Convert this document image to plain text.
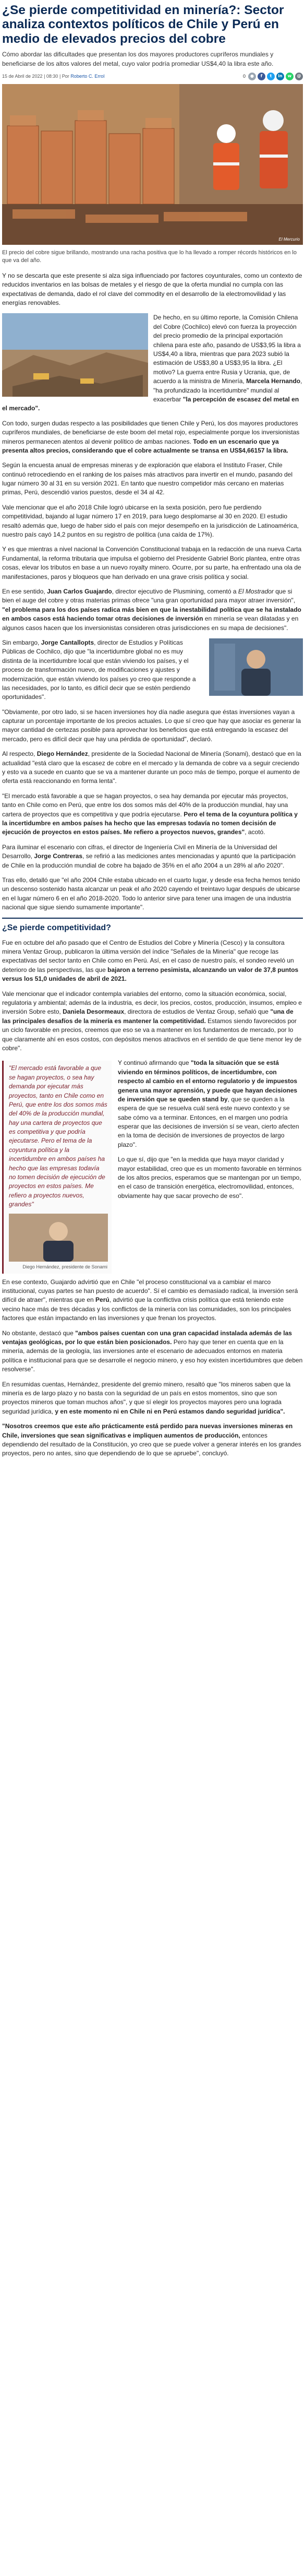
¿Se pierde competitividad en minería?: Sector analiza contextos políticos de Chile y Perú en medio de elevados precios del cobre

Cómo abordar las dificultades que presentan los dos mayores productores cupríferos mundiales y beneficiarse de los altos valores del metal, cuyo valor podría promediar US$4,40 la libra este año.

15 de Abril de 2022 | 08:30 | Por Roberto C. Errol	0 ● f t in w @
El Mercurio

El precio del cobre sigue brillando, mostrando una racha positiva que lo ha llevado a romper récords históricos en lo que va del año.

Y no se descarta que este presente si alza siga influenciado por factores coyunturales, como un contexto de reducidos inventarios en las bolsas de metales y el riesgo de que la oferta mundial no cumpla con las expectativas de demanda, dado el rol clave del commodity en el desarrollo de la electromovilidad y las energías renovables.

De hecho, en su último reporte, la Comisión Chilena del Cobre (Cochilco) elevó con fuerza la proyección del precio promedio de la principal exportación chilena para este año, pasando de US$3,95 la libra a US$4,40 a libra, mientras que para 2023 subió la estimación de US$3,80 a US$3,95 la libra. ¿El motivo? La guerra entre Rusia y Ucrania, que, de acuerdo a la ministra de Minería, Marcela Hernando, "ha profundizado la incertidumbre" mundial al exacerbar "la percepción de escasez del metal en el mercado".

Con todo, surgen dudas respecto a las posibilidades que tienen Chile y Perú, los dos mayores productores cupríferos mundiales, de beneficiarse de este boom del metal rojo, especialmente porque los inversionistas mineros permanecen atentos al devenir político de ambas naciones. Todo en un escenario que ya presenta altos precios, considerando que el cobre actualmente se transa en US$4,66157 la libra.

Según la encuesta anual de empresas mineras y de exploración que elabora el Instituto Fraser, Chile continuó retrocediendo en el ranking de los países más atractivos para invertir en el mundo, pasando del lugar número 30 al 31 en su versión 2021. En tanto que nuestro competidor más cercano en materias primas, Perú, descendió varios puestos, desde el 34 al 42.

Vale mencionar que el año 2018 Chile logró ubicarse en la sexta posición, pero fue perdiendo competitividad, bajando al lugar número 17 en 2019, para luego desplomarse al 30 en 2020. El estudio resaltó además que, luego de haber sido el país con mejor desempeño en la jurisdicción de Latinoamérica, nuestro país cayó 14,2 puntos en su registro de política (una caída de 17%).

Y es que mientras a nivel nacional la Convención Constitucional trabaja en la redacción de una nueva Carta Fundamental, la reforma tributaria que impulsa el gobierno del Presidente Gabriel Boric plantea, entre otras cosas, elevar los tributos en base a un nuevo royalty minero. Ocurre, por su parte, ha enfrentado una ola de manifestaciones, paros y bloqueos que han derivado en una grave crisis política y social.

En ese sentido, Juan Carlos Guajardo, director ejecutivo de Plusmining, comentó a El Mostrador que si bien el auge del cobre y otras materias primas ofrece "una gran oportunidad para mayor atraer inversión", "el problema para los dos países radica más bien en que la inestabilidad política que se ha instalado en ambos casos está haciendo tomar otras decisiones de inversión en minería se vean dilatadas y en algunos casos hacen que los inversionistas consideren otras jurisdicciones en su mapa de decisiones".

Sin embargo, Jorge Cantallopts, director de Estudios y Políticas Públicas de Cochilco, dijo que "la incertidumbre global no es muy distinta de la incertidumbre local que están viviendo los países, y el proceso de transformación nuevo, de modificaciones y ajustes y modernización, que están viviendo los países yo creo que responde a las necesidades, por lo tanto, es difícil decir que se estén perdiendo oportunidades".

"Obviamente, por otro lado, si se hacen inversiones hoy día nadie asegura que éstas inversiones vayan a capturar un porcentaje importante de los precios actuales. Lo que sí creo que hay que asociar es generar la mayor cantidad de certezas posible para aprovechar los beneficios que está entregando la escasez del mercado, pero es difícil decir que hay una pérdida de oportunidad", declaró.

Al respecto, Diego Hernández, presidente de la Sociedad Nacional de Minería (Sonami), destacó que en la actualidad "está claro que la escasez de cobre en el mercado y la demanda de cobre va a seguir creciendo y esto va a sucede en cuanto que se va a mantener durante un poco más de tiempo, porque el aumento de oferta está reaccionando en forma lenta".

"El mercado está favorable a que se hagan proyectos, o sea hay demanda por ejecutar más proyectos, tanto en Chile como en Perú, que entre los dos somos más del 40% de la producción mundial, hay una cartera de proyectos que es competitiva y que podría ejecutarse. Pero el tema de la coyuntura política y la incertidumbre en ambos países ha hecho que las empresas todavía no tomen decisión de ejecución de proyectos en estos países. Me refiero a proyectos nuevos, grandes", acotó.

Para iluminar el escenario con cifras, el director de Ingeniería Civil en Minería de la Universidad del Desarrollo, Jorge Contreras, se refirió a las mediciones antes mencionadas y apuntó que la participación de Chile en la producción mundial de cobre ha bajado de 35% en el año 2004 a un 28% al año 2020".

Tras ello, detalló que "el año 2004 Chile estaba ubicado en el cuarto lugar, y desde esa fecha hemos tenido un descenso sostenido hasta alcanzar un peak el año 2020 cayendo el treintavo lugar después de ubicarse en el lugar número 6 en el año 2018-2020. Todo lo anterior sirve para tener una imagen de una industria nacional que sigue siendo sumamente importante".

¿Se pierde competitividad?

Fue en octubre del año pasado que el Centro de Estudios del Cobre y Minería (Cesco) y la consultora minera Ventaz Group, publicaron la última versión del índice "Señales de la Minería" que recoge las expectativas del sector tanto en Chile como en Perú. Así, en el caso de nuestro país, el sondeo reveló un deterioro de las perspectivas, las que bajaron a terreno pesimista, alcanzando un valor de 37,8 puntos versus los 51,0 unidades de abril de 2021.

Vale mencionar que el indicador contempla variables del entorno, como la situación económica, social, regulatoria y ambiental; además de la industria, es decir, los precios, costos, producción, insumos, empleo e inversión Sobre esto, Daniela Desormeaux, directora de estudios de Ventaz Group, señaló que "una de las principales desafíos de la minería es mantener la competitividad. Estamos siendo favorecidos por un ciclo favorable en precios, creemos que eso se va a mantener en los fundamentos de mercado, por lo que claramente ahí en esos costos, con depósitos menos atractivos en el sentido de que tiene menor ley de cobre".

"El mercado está favorable a que se hagan proyectos, o sea hay demanda por ejecutar más proyectos, tanto en Chile como en Perú, que entre los dos somos más del 40% de la producción mundial, hay una cartera de proyectos que es competitiva y que podría ejecutarse. Pero el tema de la coyuntura política y la incertidumbre en ambos países ha hecho que las empresas todavía no tomen decisión de ejecución de proyectos en estos países. Me refiero a proyectos nuevos, grandes"
Diego Hernández, presidente de Sonami

Y continuó afirmando que "toda la situación que se está viviendo en términos políticos, de incertidumbre, con respecto al cambio en el entorno regulatorio y de impuestos genera una mayor aprensión, y puede que hayan decisiones de inversión que se queden stand by, que se queden a la espera de que se resuelva cuál será este nuevo contexto y se sabe cómo va a terminar. Entonces, en el margen uno podría esperar que las decisiones de inversión sí se vean, cierto afecten en la toma de decisión de inversiones de proyectos de largo plazo".

Lo que sí, dijo que "en la medida que haya mayor claridad y mayor estabilidad, creo que es un momento favorable en términos de los altos precios, esperamos que se mantengan por un tiempo, en el caso de transición energética, electromovilidad, entonces, obviamente hay que sacar provecho de eso".

En ese contexto, Guajardo advirtió que en Chile "el proceso constitucional va a cambiar el marco institucional, cuyas partes se han puesto de acuerdo". Sí el cambio es demasiado radical, la inversión será difícil de atraer", mientras que en Perú, advirtió que la conflictiva crisis política que está teniendo este vecino hace más de tres décadas y los conflictos de la minería con las comunidades, son los principales factores que están impactando en las inversiones y que frenan los proyectos.

No obstante, destacó que "ambos países cuentan con una gran capacidad instalada además de las ventajas geológicas, por lo que están bien posicionados. Pero hay que tener en cuenta que en la minería, además de la geología, las inversiones ante el escenario de adecuados entornos en materia política e institucional para que se desarrolle el negocio minero, y eso hoy existen incertidumbres que deben resolverse".

En resumidas cuentas, Hernández, presidente del gremio minero, resaltó que "los mineros saben que la minería es de largo plazo y no basta con la seguridad de un país en estos momentos, sino que son proyectos mineros que toman muchos años", y que sí elegir los proyectos mayores pero una lograda seguridad jurídica, y en este momento ni en Chile ni en Perú estamos dando seguridad jurídica".

"Nosotros creemos que este año prácticamente está perdido para nuevas inversiones mineras en Chile, inversiones que sean significativas e impliquen aumentos de producción, entonces dependiendo del resultado de la Constitución, yo creo que se puede volver a generar interés en los grandes proyectos, pero no antes, sino que dependiendo de lo que se apruebe", concluyó.
